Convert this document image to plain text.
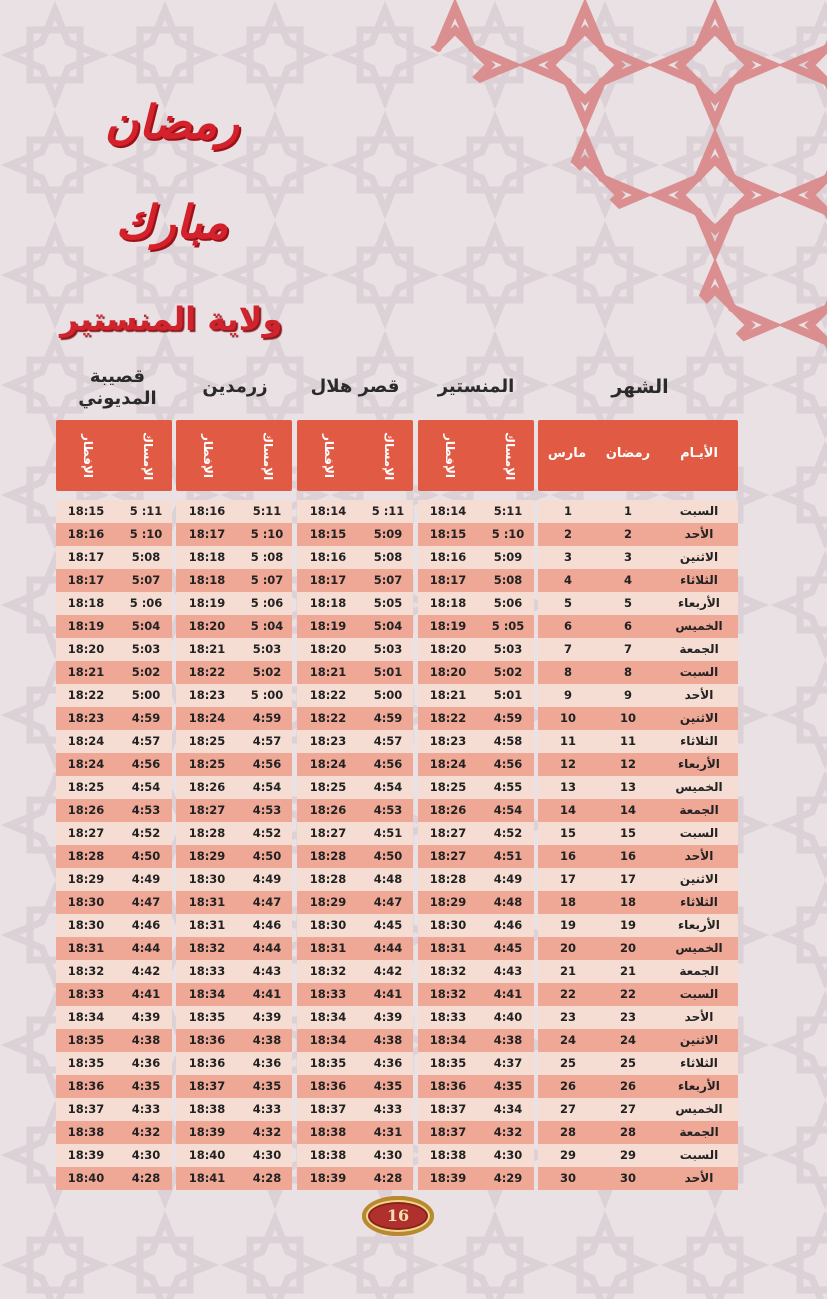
رمضان مبارك
ولاية المنستير
الشهر
المنستير
قصر هلال
زرمدين
قصيبة المديوني
الأيـام
رمضان
مارس
الإمساك
الإفطار
الإمساك
الإفطار
الإمساك
الإفطار
الإمساك
الإفطار
السبت
1
1
5:11
18:14
5 :11
18:14
5:11
18:16
5 :11
18:15
الأحد
2
2
5 :10
18:15
5:09
18:15
5 :10
18:17
5 :10
18:16
الاثنين
3
3
5:09
18:16
5:08
18:16
5 :08
18:18
5:08
18:17
الثلاثاء
4
4
5:08
18:17
5:07
18:17
5 :07
18:18
5:07
18:17
الأربعاء
5
5
5:06
18:18
5:05
18:18
5 :06
18:19
5 :06
18:18
الخميس
6
6
5 :05
18:19
5:04
18:19
5 :04
18:20
5:04
18:19
الجمعة
7
7
5:03
18:20
5:03
18:20
5:03
18:21
5:03
18:20
السبت
8
8
5:02
18:20
5:01
18:21
5:02
18:22
5:02
18:21
الأحد
9
9
5:01
18:21
5:00
18:22
5 :00
18:23
5:00
18:22
الاثنين
10
10
4:59
18:22
4:59
18:22
4:59
18:24
4:59
18:23
الثلاثاء
11
11
4:58
18:23
4:57
18:23
4:57
18:25
4:57
18:24
الأربعاء
12
12
4:56
18:24
4:56
18:24
4:56
18:25
4:56
18:24
الخميس
13
13
4:55
18:25
4:54
18:25
4:54
18:26
4:54
18:25
الجمعة
14
14
4:54
18:26
4:53
18:26
4:53
18:27
4:53
18:26
السبت
15
15
4:52
18:27
4:51
18:27
4:52
18:28
4:52
18:27
الأحد
16
16
4:51
18:27
4:50
18:28
4:50
18:29
4:50
18:28
الاثنين
17
17
4:49
18:28
4:48
18:28
4:49
18:30
4:49
18:29
الثلاثاء
18
18
4:48
18:29
4:47
18:29
4:47
18:31
4:47
18:30
الأربعاء
19
19
4:46
18:30
4:45
18:30
4:46
18:31
4:46
18:30
الخميس
20
20
4:45
18:31
4:44
18:31
4:44
18:32
4:44
18:31
الجمعة
21
21
4:43
18:32
4:42
18:32
4:43
18:33
4:42
18:32
السبت
22
22
4:41
18:32
4:41
18:33
4:41
18:34
4:41
18:33
الأحد
23
23
4:40
18:33
4:39
18:34
4:39
18:35
4:39
18:34
الاثنين
24
24
4:38
18:34
4:38
18:34
4:38
18:36
4:38
18:35
الثلاثاء
25
25
4:37
18:35
4:36
18:35
4:36
18:36
4:36
18:35
الأربعاء
26
26
4:35
18:36
4:35
18:36
4:35
18:37
4:35
18:36
الخميس
27
27
4:34
18:37
4:33
18:37
4:33
18:38
4:33
18:37
الجمعة
28
28
4:32
18:37
4:31
18:38
4:32
18:39
4:32
18:38
السبت
29
29
4:30
18:38
4:30
18:38
4:30
18:40
4:30
18:39
الأحد
30
30
4:29
18:39
4:28
18:39
4:28
18:41
4:28
18:40
16
